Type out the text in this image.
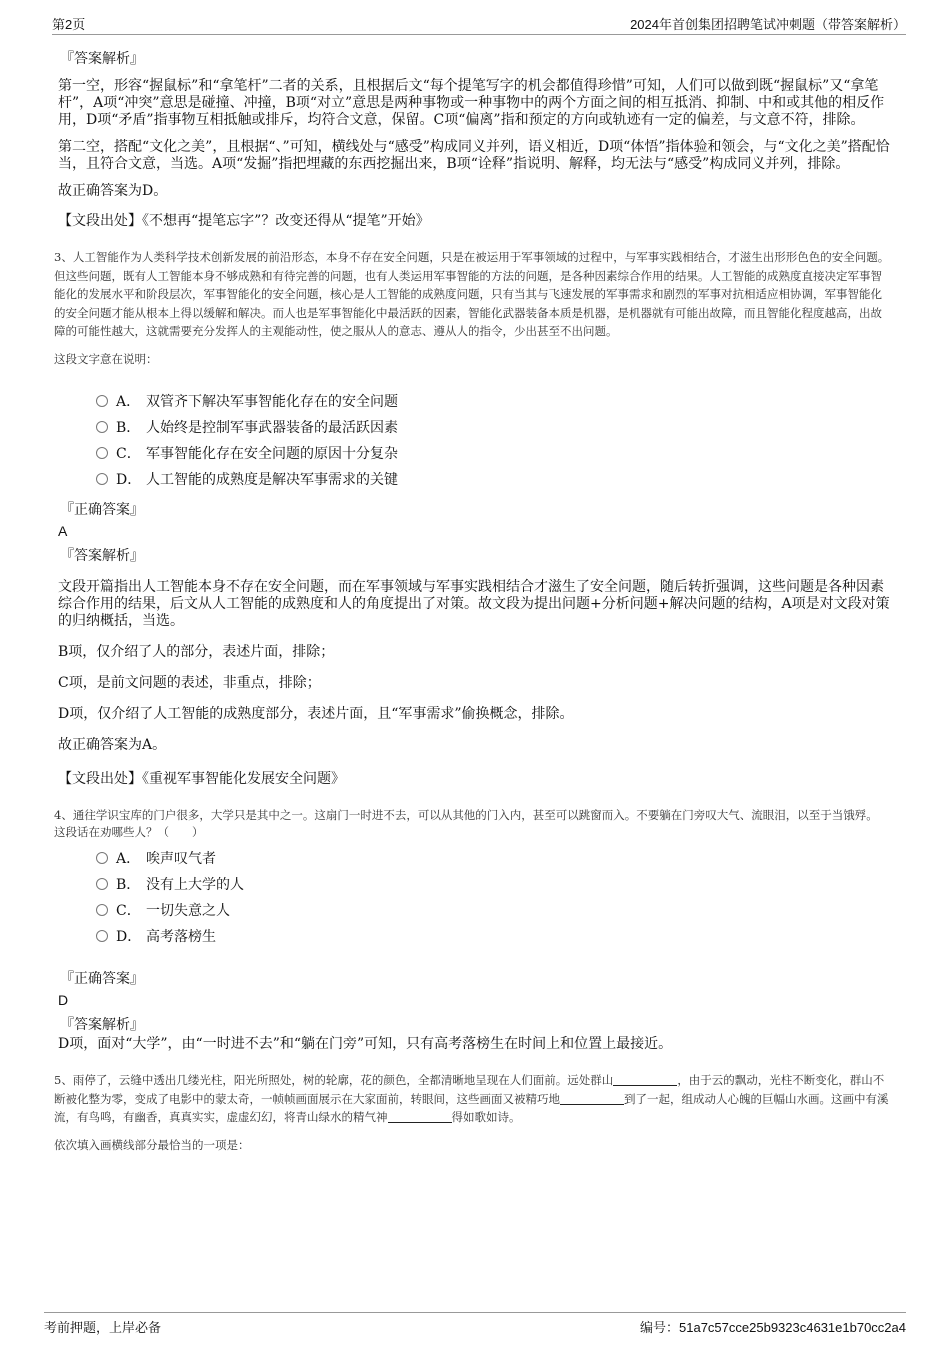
第2页	2024年首创集团招聘笔试冲刺题（带答案解析）
『答案解析』

第一空，形容“握鼠标”和“拿笔杆”二者的关系，且根据后文“每个提笔写字的机会都值得珍惜”可知，人们可以做到既“握鼠标”又“拿笔杆”，A项“冲突”意思是碰撞、冲撞，B项“对立”意思是两种事物或一种事物中的两个方面之间的相互抵消、抑制、中和或其他的相反作用，D项“矛盾”指事物互相抵触或排斥，均符合文意，保留。C项“偏离”指和预定的方向或轨迹有一定的偏差，与文意不符，排除。

第二空，搭配“文化之美”，且根据“、”可知，横线处与“感受”构成同义并列，语义相近，D项“体悟”指体验和领会，与“文化之美”搭配恰当，且符合文意，当选。A项“发掘”指把埋藏的东西挖掘出来，B项“诠释”指说明、解释，均无法与“感受”构成同义并列，排除。

故正确答案为D。

【文段出处】《不想再“提笔忘字”？改变还得从“提笔”开始》
3、人工智能作为人类科学技术创新发展的前沿形态，本身不存在安全问题，只是在被运用于军事领域的过程中，与军事实践相结合，才滋生出形形色色的安全问题。但这些问题，既有人工智能本身不够成熟和有待完善的问题，也有人类运用军事智能的方法的问题，是各种因素综合作用的结果。人工智能的成熟度直接决定军事智能化的发展水平和阶段层次，军事智能化的安全问题，核心是人工智能的成熟度问题，只有当其与飞速发展的军事需求和剧烈的军事对抗相适应相协调，军事智能化的安全问题才能从根本上得以缓解和解决。而人也是军事智能化中最活跃的因素，智能化武器装备本质是机器，是机器就有可能出故障，而且智能化程度越高，出故障的可能性越大，这就需要充分发挥人的主观能动性，使之服从人的意志、遵从人的指令，少出甚至不出问题。
这段文字意在说明：
A． 双管齐下解决军事智能化存在的安全问题
B． 人始终是控制军事武器装备的最活跃因素
C． 军事智能化存在安全问题的原因十分复杂
D． 人工智能的成熟度是解决军事需求的关键
『正确答案』
A
『答案解析』

文段开篇指出人工智能本身不存在安全问题，而在军事领域与军事实践相结合才滋生了安全问题，随后转折强调，这些问题是各种因素综合作用的结果，后文从人工智能的成熟度和人的角度提出了对策。故文段为提出问题+分析问题+解决问题的结构，A项是对文段对策的归纳概括，当选。

B项，仅介绍了人的部分，表述片面，排除；

C项，是前文问题的表述，非重点，排除；

D项，仅介绍了人工智能的成熟度部分，表述片面，且“军事需求”偷换概念，排除。

故正确答案为A。

【文段出处】《重视军事智能化发展安全问题》
4、通往学识宝库的门户很多，大学只是其中之一。这扇门一时进不去，可以从其他的门入内，甚至可以跳窗而入。不要躺在门旁叹大气、流眼泪，以至于当饿殍。
这段话在劝哪些人？（　　）
A． 唉声叹气者
B． 没有上大学的人
C． 一切失意之人
D． 高考落榜生
『正确答案』
D
『答案解析』

D项，面对“大学”，由“一时进不去”和“躺在门旁”可知，只有高考落榜生在时间上和位置上最接近。

5、雨停了，云缝中透出几缕光柱，阳光所照处，树的轮廓，花的颜色，全都清晰地呈现在人们面前。远处群山	，由于云的飘动，光柱不断变化，群山不断被化整为零，变成了电影中的蒙太奇，一帧帧画面展示在大家面前，转眼间，这些画面又被精巧地	到了一起，组成动人心魄的巨幅山水画。这画中有溪流，有鸟鸣，有幽香，真真实实，虚虚幻幻，将青山绿水的精气神	得如歌如诗。
依次填入画横线部分最恰当的一项是：
考前押题，上岸必备	编号：51a7c57cce25b9323c4631e1b70cc2a4
